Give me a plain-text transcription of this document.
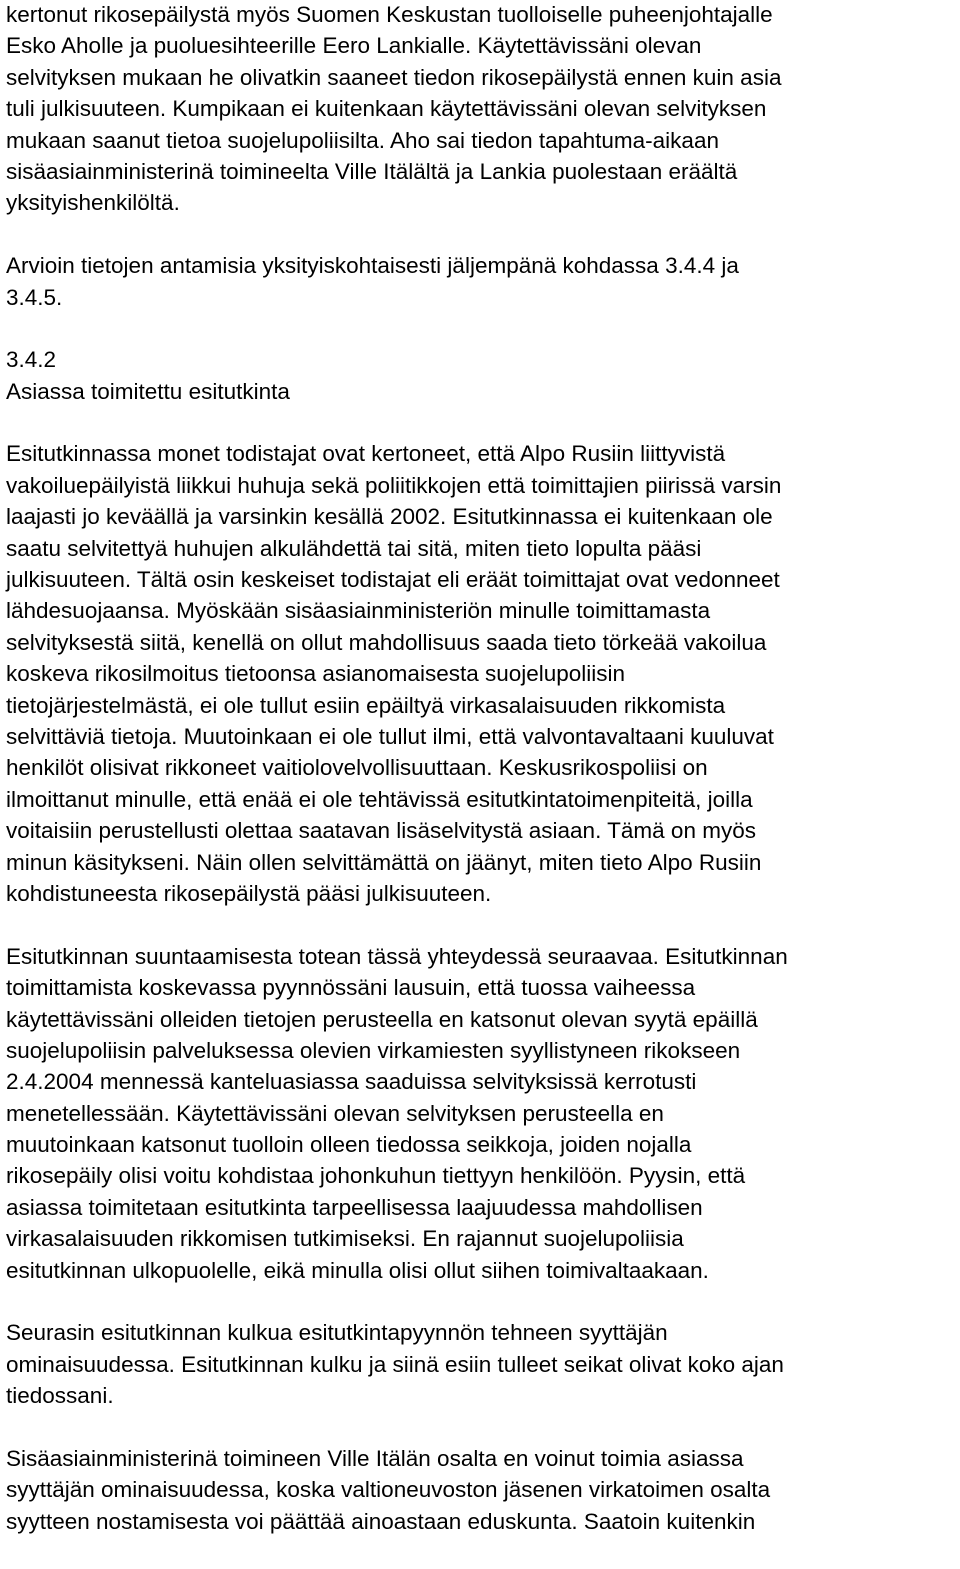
kertonut rikosepäilystä myös Suomen Keskustan tuolloiselle puheenjohtajalle
Esko Aholle ja puoluesihteerille Eero Lankialle. Käytettävissäni olevan
selvityksen mukaan he olivatkin saaneet tiedon rikosepäilystä ennen kuin asia
tuli julkisuuteen. Kumpikaan ei kuitenkaan käytettävissäni olevan selvityksen
mukaan saanut tietoa suojelupoliisilta. Aho sai tiedon tapahtuma-aikaan
sisäasiainministerinä toimineelta Ville Itälältä ja Lankia puolestaan eräältä
yksityishenkilöltä.

Arvioin tietojen antamisia yksityiskohtaisesti jäljempänä kohdassa 3.4.4 ja
3.4.5.

3.4.2
Asiassa toimitettu esitutkinta

Esitutkinnassa monet todistajat ovat kertoneet, että Alpo Rusiin liittyvistä
vakoiluepäilyistä liikkui huhuja sekä poliitikkojen että toimittajien piirissä varsin
laajasti jo keväällä ja varsinkin kesällä 2002. Esitutkinnassa ei kuitenkaan ole
saatu selvitettyä huhujen alkulähdettä tai sitä, miten tieto lopulta pääsi
julkisuuteen. Tältä osin keskeiset todistajat eli eräät toimittajat ovat vedonneet
lähdesuojaansa. Myöskään sisäasiainministeriön minulle toimittamasta
selvityksestä siitä, kenellä on ollut mahdollisuus saada tieto törkeää vakoilua
koskeva rikosilmoitus tietoonsa asianomaisesta suojelupoliisin
tietojärjestelmästä, ei ole tullut esiin epäiltyä virkasalaisuuden rikkomista
selvittäviä tietoja. Muutoinkaan ei ole tullut ilmi, että valvontavaltaani kuuluvat
henkilöt olisivat rikkoneet vaitiolovelvollisuuttaan. Keskusrikospoliisi on
ilmoittanut minulle, että enää ei ole tehtävissä esitutkintatoimenpiteitä, joilla
voitaisiin perustellusti olettaa saatavan lisäselvitystä asiaan. Tämä on myös
minun käsitykseni. Näin ollen selvittämättä on jäänyt, miten tieto Alpo Rusiin
kohdistuneesta rikosepäilystä pääsi julkisuuteen.

Esitutkinnan suuntaamisesta totean tässä yhteydessä seuraavaa. Esitutkinnan
toimittamista koskevassa pyynnössäni lausuin, että tuossa vaiheessa
käytettävissäni olleiden tietojen perusteella en katsonut olevan syytä epäillä
suojelupoliisin palveluksessa olevien virkamiesten syyllistyneen rikokseen
2.4.2004 mennessä kanteluasiassa saaduissa selvityksissä kerrotusti
menetellessään. Käytettävissäni olevan selvityksen perusteella en
muutoinkaan katsonut tuolloin olleen tiedossa seikkoja, joiden nojalla
rikosepäily olisi voitu kohdistaa johonkuhun tiettyyn henkilöön. Pyysin, että
asiassa toimitetaan esitutkinta tarpeellisessa laajuudessa mahdollisen
virkasalaisuuden rikkomisen tutkimiseksi. En rajannut suojelupoliisia
esitutkinnan ulkopuolelle, eikä minulla olisi ollut siihen toimivaltaakaan.

Seurasin esitutkinnan kulkua esitutkintapyynnön tehneen syyttäjän
ominaisuudessa. Esitutkinnan kulku ja siinä esiin tulleet seikat olivat koko ajan
tiedossani.

Sisäasiainministerinä toimineen Ville Itälän osalta en voinut toimia asiassa
syyttäjän ominaisuudessa, koska valtioneuvoston jäsenen virkatoimen osalta
syytteen nostamisesta voi päättää ainoastaan eduskunta. Saatoin kuitenkin
